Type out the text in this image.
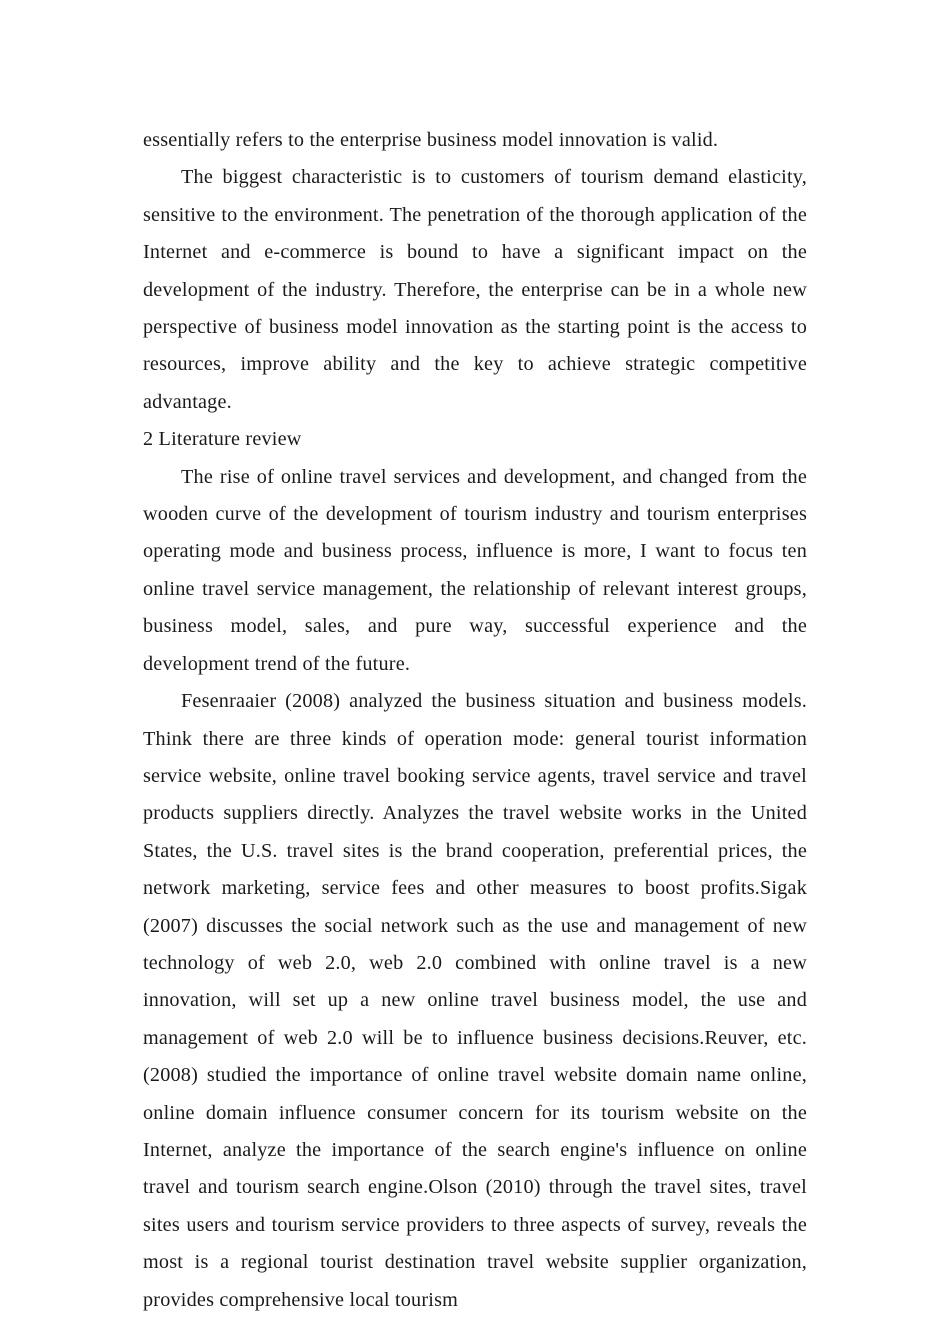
essentially refers to the enterprise business model innovation is valid.

The biggest characteristic is to customers of tourism demand elasticity, sensitive to the environment. The penetration of the thorough application of the Internet and e-commerce is bound to have a significant impact on the development of the industry. Therefore, the enterprise can be in a whole new perspective of business model innovation as the starting point is the access to resources, improve ability and the key to achieve strategic competitive advantage.

2 Literature review

The rise of online travel services and development, and changed from the wooden curve of the development of tourism industry and tourism enterprises operating mode and business process, influence is more, I want to focus ten online travel service management, the relationship of relevant interest groups, business model, sales, and pure way, successful experience and the development trend of the future.

Fesenraaier (2008) analyzed the business situation and business models. Think there are three kinds of operation mode: general tourist information service website, online travel booking service agents, travel service and travel products suppliers directly. Analyzes the travel website works in the United States, the U.S. travel sites is the brand cooperation, preferential prices, the network marketing, service fees and other measures to boost profits.Sigak (2007) discusses the social network such as the use and management of new technology of web 2.0, web 2.0 combined with online travel is a new innovation, will set up a new online travel business model, the use and management of web 2.0 will be to influence business decisions.Reuver, etc. (2008) studied the importance of online travel website domain name online, online domain influence consumer concern for its tourism website on the Internet, analyze the importance of the search engine's influence on online travel and tourism search engine.Olson (2010) through the travel sites, travel sites users and tourism service providers to three aspects of survey, reveals the most is a regional tourist destination travel website supplier organization, provides comprehensive local tourism
